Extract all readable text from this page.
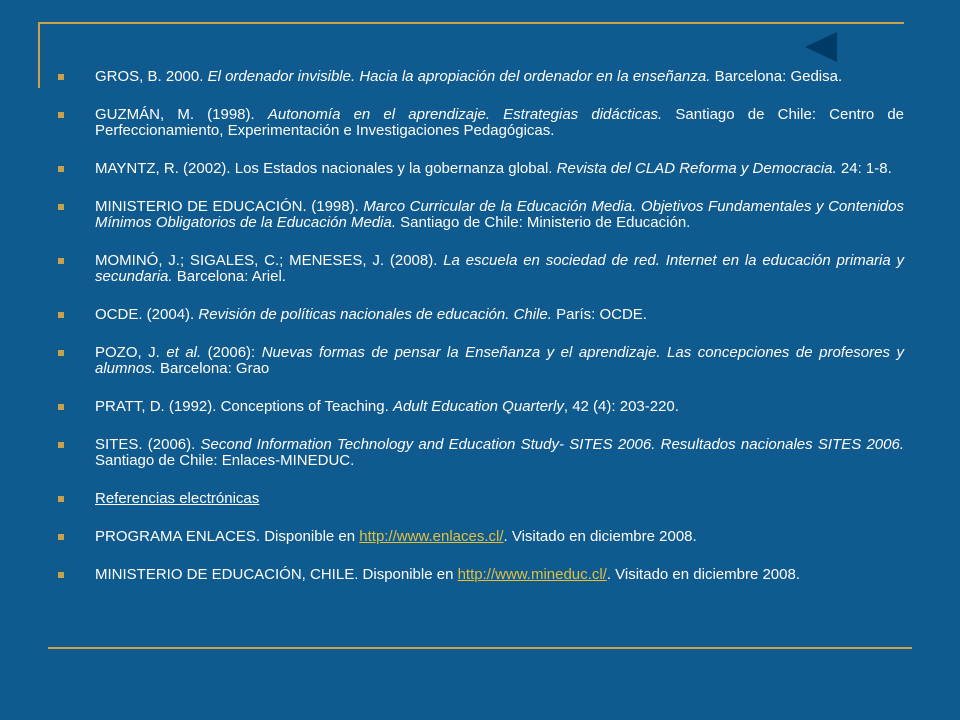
GROS, B. 2000. El ordenador invisible. Hacia la apropiación del ordenador en la enseñanza. Barcelona: Gedisa.
GUZMÁN, M. (1998). Autonomía en el aprendizaje. Estrategias didácticas. Santiago de Chile: Centro de Perfeccionamiento, Experimentación e Investigaciones Pedagógicas.
MAYNTZ, R. (2002). Los Estados nacionales y la gobernanza global. Revista del CLAD Reforma y Democracia. 24: 1-8.
MINISTERIO DE EDUCACIÓN. (1998). Marco Curricular de la Educación Media. Objetivos Fundamentales y Contenidos Mínimos Obligatorios de la Educación Media. Santiago de Chile: Ministerio de Educación.
MOMINÓ, J.; SIGALES, C.; MENESES, J. (2008). La escuela en sociedad de red. Internet en la educación primaria y secundaria. Barcelona: Ariel.
OCDE. (2004). Revisión de políticas nacionales de educación. Chile. París: OCDE.
POZO, J. et al. (2006): Nuevas formas de pensar la Enseñanza y el aprendizaje. Las concepciones de profesores y alumnos. Barcelona: Grao
PRATT, D. (1992). Conceptions of Teaching. Adult Education Quarterly, 42 (4): 203-220.
SITES. (2006). Second Information Technology and Education Study- SITES 2006. Resultados nacionales SITES 2006. Santiago de Chile: Enlaces-MINEDUC.
Referencias electrónicas
PROGRAMA ENLACES. Disponible en http://www.enlaces.cl/. Visitado en diciembre 2008.
MINISTERIO DE EDUCACIÓN, CHILE. Disponible en http://www.mineduc.cl/. Visitado en diciembre 2008.
